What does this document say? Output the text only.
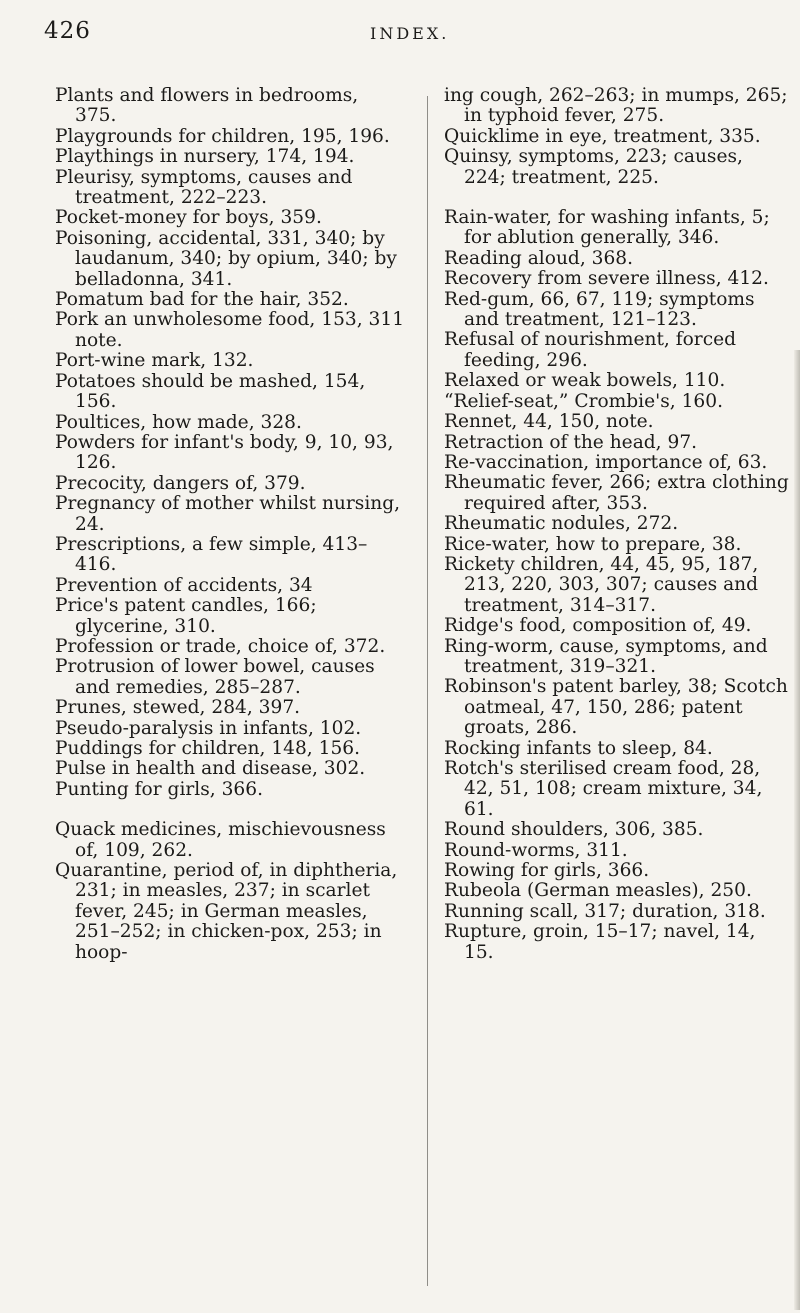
426	INDEX.

Plants and flowers in bedrooms, 375.

Playgrounds for children, 195, 196.

Playthings in nursery, 174, 194.

Pleurisy, symptoms, causes and treatment, 222–223.

Pocket-money for boys, 359.

Poisoning, accidental, 331, 340; by laudanum, 340; by opium, 340; by belladonna, 341.

Pomatum bad for the hair, 352.

Pork an unwholesome food, 153, 311 note.

Port-wine mark, 132.

Potatoes should be mashed, 154, 156.

Poultices, how made, 328.

Powders for infant's body, 9, 10, 93, 126.

Precocity, dangers of, 379.

Pregnancy of mother whilst nursing, 24.

Prescriptions, a few simple, 413–416.

Prevention of accidents, 34

Price's patent candles, 166; glycerine, 310.

Profession or trade, choice of, 372.

Protrusion of lower bowel, causes and remedies, 285–287.

Prunes, stewed, 284, 397.

Pseudo-paralysis in infants, 102.

Puddings for children, 148, 156.

Pulse in health and disease, 302.

Punting for girls, 366.

Quack medicines, mischievousness of, 109, 262.

Quarantine, period of, in diphtheria, 231; in measles, 237; in scarlet fever, 245; in German measles, 251–252; in chicken-pox, 253; in hoop-

ing cough, 262–263; in mumps, 265; in typhoid fever, 275.

Quicklime in eye, treatment, 335.

Quinsy, symptoms, 223; causes, 224; treatment, 225.

Rain-water, for washing infants, 5; for ablution generally, 346.

Reading aloud, 368.

Recovery from severe illness, 412.

Red-gum, 66, 67, 119; symptoms and treatment, 121–123.

Refusal of nourishment, forced feeding, 296.

Relaxed or weak bowels, 110.

“Relief-seat,” Crombie's, 160.

Rennet, 44, 150, note.

Retraction of the head, 97.

Re-vaccination, importance of, 63.

Rheumatic fever, 266; extra clothing required after, 353.

Rheumatic nodules, 272.

Rice-water, how to prepare, 38.

Rickety children, 44, 45, 95, 187, 213, 220, 303, 307; causes and treatment, 314–317.

Ridge's food, composition of, 49.

Ring-worm, cause, symptoms, and treatment, 319–321.

Robinson's patent barley, 38; Scotch oatmeal, 47, 150, 286; patent groats, 286.

Rocking infants to sleep, 84.

Rotch's sterilised cream food, 28, 42, 51, 108; cream mixture, 34, 61.

Round shoulders, 306, 385.

Round-worms, 311.

Rowing for girls, 366.

Rubeola (German measles), 250.

Running scall, 317; duration, 318.

Rupture, groin, 15–17; navel, 14, 15.
